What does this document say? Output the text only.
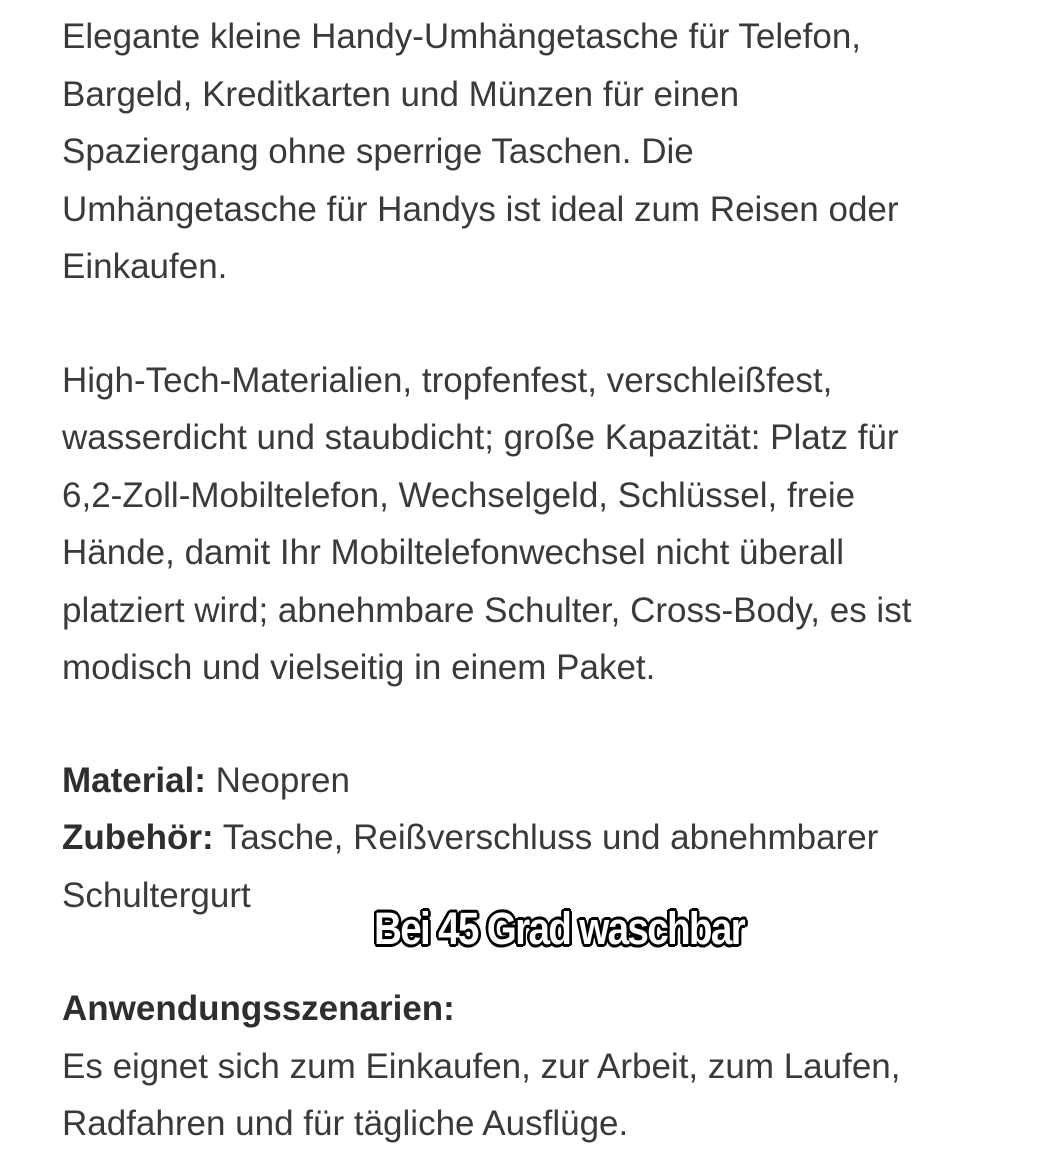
Elegante kleine Handy-Umhängetasche für Telefon,
Bargeld, Kreditkarten und Münzen für einen
Spaziergang ohne sperrige Taschen. Die
Umhängetasche für Handys ist ideal zum Reisen oder
Einkaufen.
High-Tech-Materialien, tropfenfest, verschleißfest,
wasserdicht und staubdicht; große Kapazität: Platz für
6,2-Zoll-Mobiltelefon, Wechselgeld, Schlüssel, freie
Hände, damit Ihr Mobiltelefonwechsel nicht überall
platziert wird; abnehmbare Schulter, Cross-Body, es ist
modisch und vielseitig in einem Paket.
Material: Neopren
Zubehör: Tasche, Reißverschluss und abnehmbarer
Schultergurt
Anwendungsszenarien:
Es eignet sich zum Einkaufen, zur Arbeit, zum Laufen,
Radfahren und für tägliche Ausflüge.
Bei 45 Grad waschbar
